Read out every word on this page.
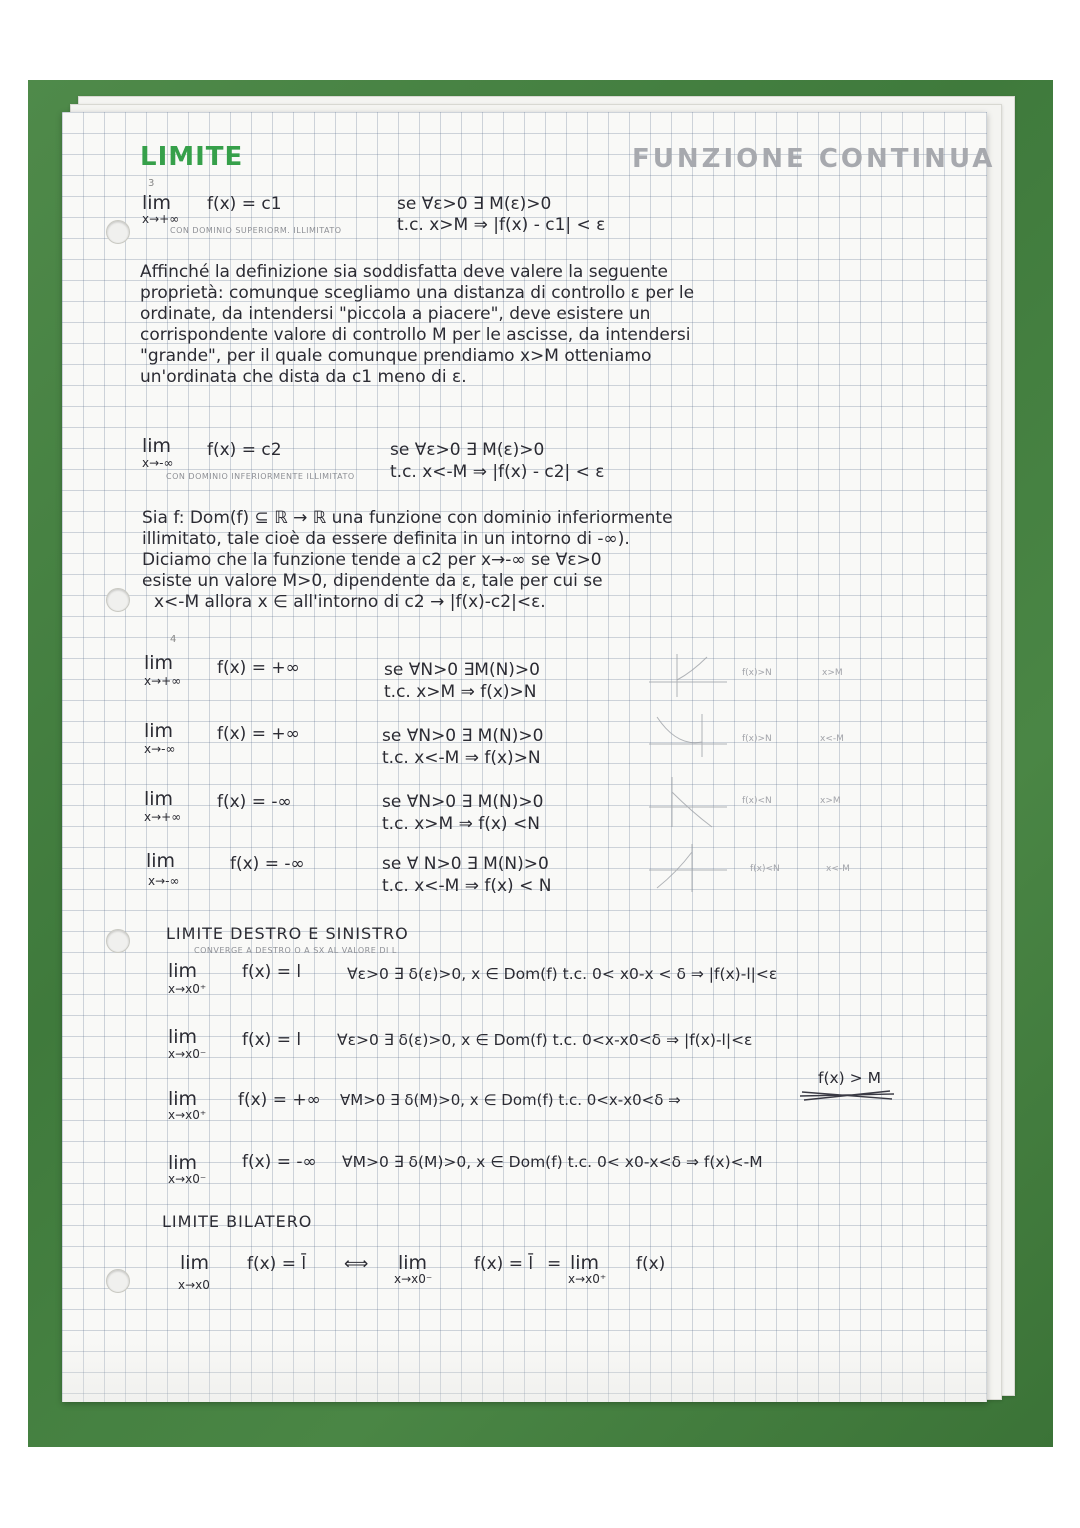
LIMITE	FUNZIONE CONTINUA
3
lim
x→+∞
f(x) = c1
CON DOMINIO SUPERIORM. ILLIMITATO
se ∀ε>0 ∃ M(ε)>0
t.c. x>M ⇒ |f(x) - c1| < ε
Affinché la definizione sia soddisfatta deve valere la seguente
proprietà: comunque scegliamo una distanza di controllo ε per le
ordinate, da intendersi "piccola a piacere", deve esistere un
corrispondente valore di controllo M per le ascisse, da intendersi
"grande", per il quale comunque prendiamo x>M otteniamo
un'ordinata che dista da c1 meno di ε.
lim
x→-∞
f(x) = c2
CON DOMINIO INFERIORMENTE ILLIMITATO
se ∀ε>0 ∃ M(ε)>0
t.c. x<-M ⇒ |f(x) - c2| < ε
Sia f: Dom(f) ⊆ ℝ → ℝ una funzione con dominio inferiormente
illimitato, tale cioè da essere definita in un intorno di -∞).
Diciamo che la funzione tende a c2 per x→-∞ se ∀ε>0
esiste un valore M>0, dipendente da ε, tale per cui se
x<-M allora x ∈ all'intorno di c2 → |f(x)-c2|<ε.
4
lim
x→+∞
f(x) = +∞	se ∀N>0 ∃M(N)>0
t.c. x>M ⇒ f(x)>N
lim
x→-∞
f(x) = +∞	se ∀N>0 ∃ M(N)>0
t.c. x<-M ⇒ f(x)>N
lim
x→+∞
f(x) = -∞	se ∀N>0 ∃ M(N)>0
t.c. x>M ⇒ f(x) <N
lim
x→-∞
f(x) = -∞	se ∀ N>0 ∃ M(N)>0
t.c. x<-M ⇒ f(x) < N
f(x)>N	x>M
f(x)>N	x<-M
f(x)<N	x>M
f(x)<N	x<-M
LIMITE DESTRO E SINISTRO
CONVERGE A DESTRO O A SX AL VALORE DI L
lim
x→x0⁺
f(x) = l	∀ε>0 ∃ δ(ε)>0, x ∈ Dom(f) t.c. 0< x0-x < δ ⇒ |f(x)-l|<ε
lim
x→x0⁻
f(x) = l ∀ε>0 ∃ δ(ε)>0, x ∈ Dom(f) t.c. 0<x-x0<δ ⇒ |f(x)-l|<ε
f(x) > M
lim
x→x0⁺
f(x) = +∞ ∀M>0 ∃ δ(M)>0, x ∈ Dom(f) t.c. 0<x-x0<δ ⇒
lim
x→x0⁻
f(x) = -∞ ∀M>0 ∃ δ(M)>0, x ∈ Dom(f) t.c. 0< x0-x<δ ⇒ f(x)<-M
LIMITE BILATERO
lim
x→x0
f(x) = l̄ ⟺ lim
x→x0⁻
f(x) = l̄ = lim
x→x0⁺
f(x)
